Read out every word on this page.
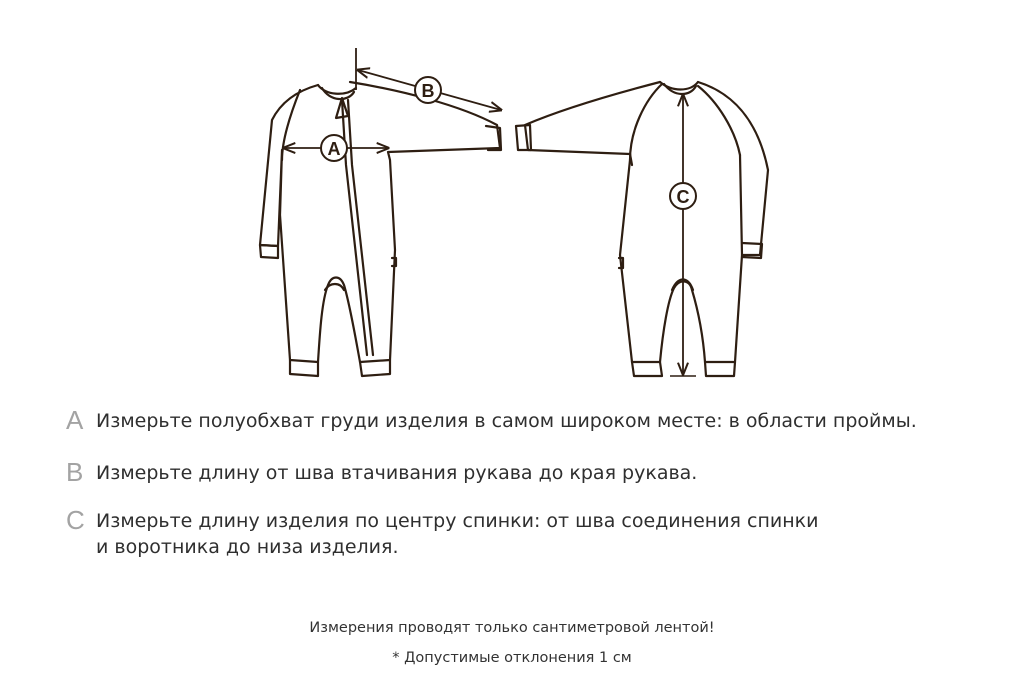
A
B
C
A Измерьте полуобхват груди изделия в самом широком месте: в области проймы.
B Измерьте длину от шва втачивания рукава до края рукава.
C Измерьте длину изделия по центру спинки: от шва соединения спинки
и воротника до низа изделия.
Измерения проводят только сантиметровой лентой!
* Допустимые отклонения 1 см
